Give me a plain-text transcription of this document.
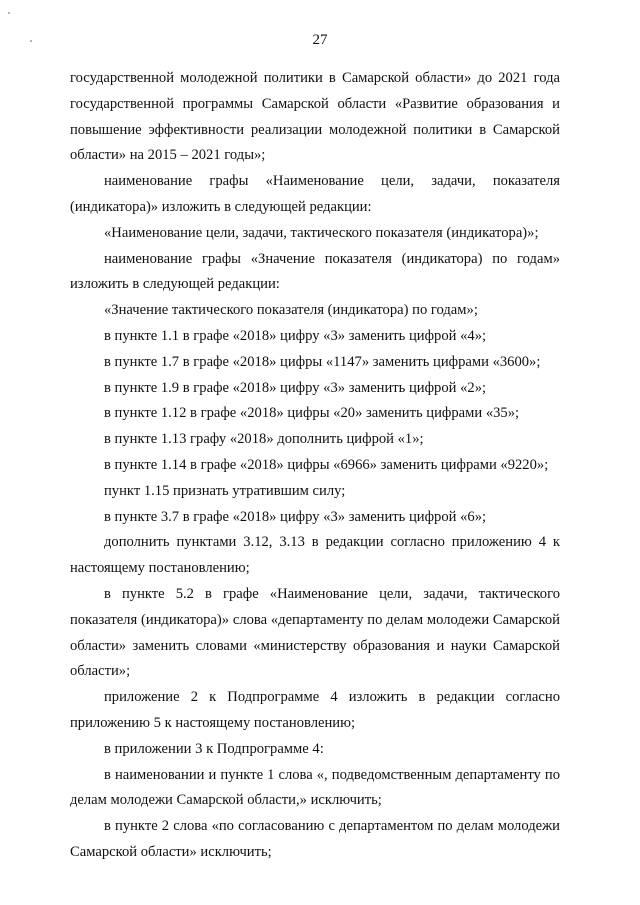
27

государственной молодежной политики в Самарской области» до 2021 года государственной программы Самарской области «Развитие образования и повышение эффективности реализации молодежной политики в Самарской области» на 2015 – 2021 годы»;

наименование графы «Наименование цели, задачи, показателя (индикатора)» изложить в следующей редакции:

«Наименование цели, задачи, тактического показателя (индикатора)»;

наименование графы «Значение показателя (индикатора) по годам» изложить в следующей редакции:

«Значение тактического показателя (индикатора) по годам»;

в пункте 1.1 в графе «2018» цифру «3» заменить цифрой «4»;

в пункте 1.7 в графе «2018» цифры «1147» заменить цифрами «3600»;

в пункте 1.9 в графе «2018» цифру «3» заменить цифрой «2»;

в пункте 1.12 в графе «2018» цифры «20» заменить цифрами «35»;

в пункте 1.13 графу «2018» дополнить цифрой «1»;

в пункте 1.14 в графе «2018» цифры «6966» заменить цифрами «9220»;

пункт 1.15 признать утратившим силу;

в пункте 3.7 в графе «2018» цифру «3» заменить цифрой «6»;

дополнить пунктами 3.12, 3.13 в редакции согласно приложению 4 к настоящему постановлению;

в пункте 5.2 в графе «Наименование цели, задачи, тактического показателя (индикатора)» слова «департаменту по делам молодежи Самарской области» заменить словами «министерству образования и науки Самарской области»;

приложение 2 к Подпрограмме 4 изложить в редакции согласно приложению 5 к настоящему постановлению;

в приложении 3 к Подпрограмме 4:

в наименовании и пункте 1 слова «, подведомственным департаменту по делам молодежи Самарской области,» исключить;

в пункте 2 слова «по согласованию с департаментом по делам молодежи Самарской области» исключить;
